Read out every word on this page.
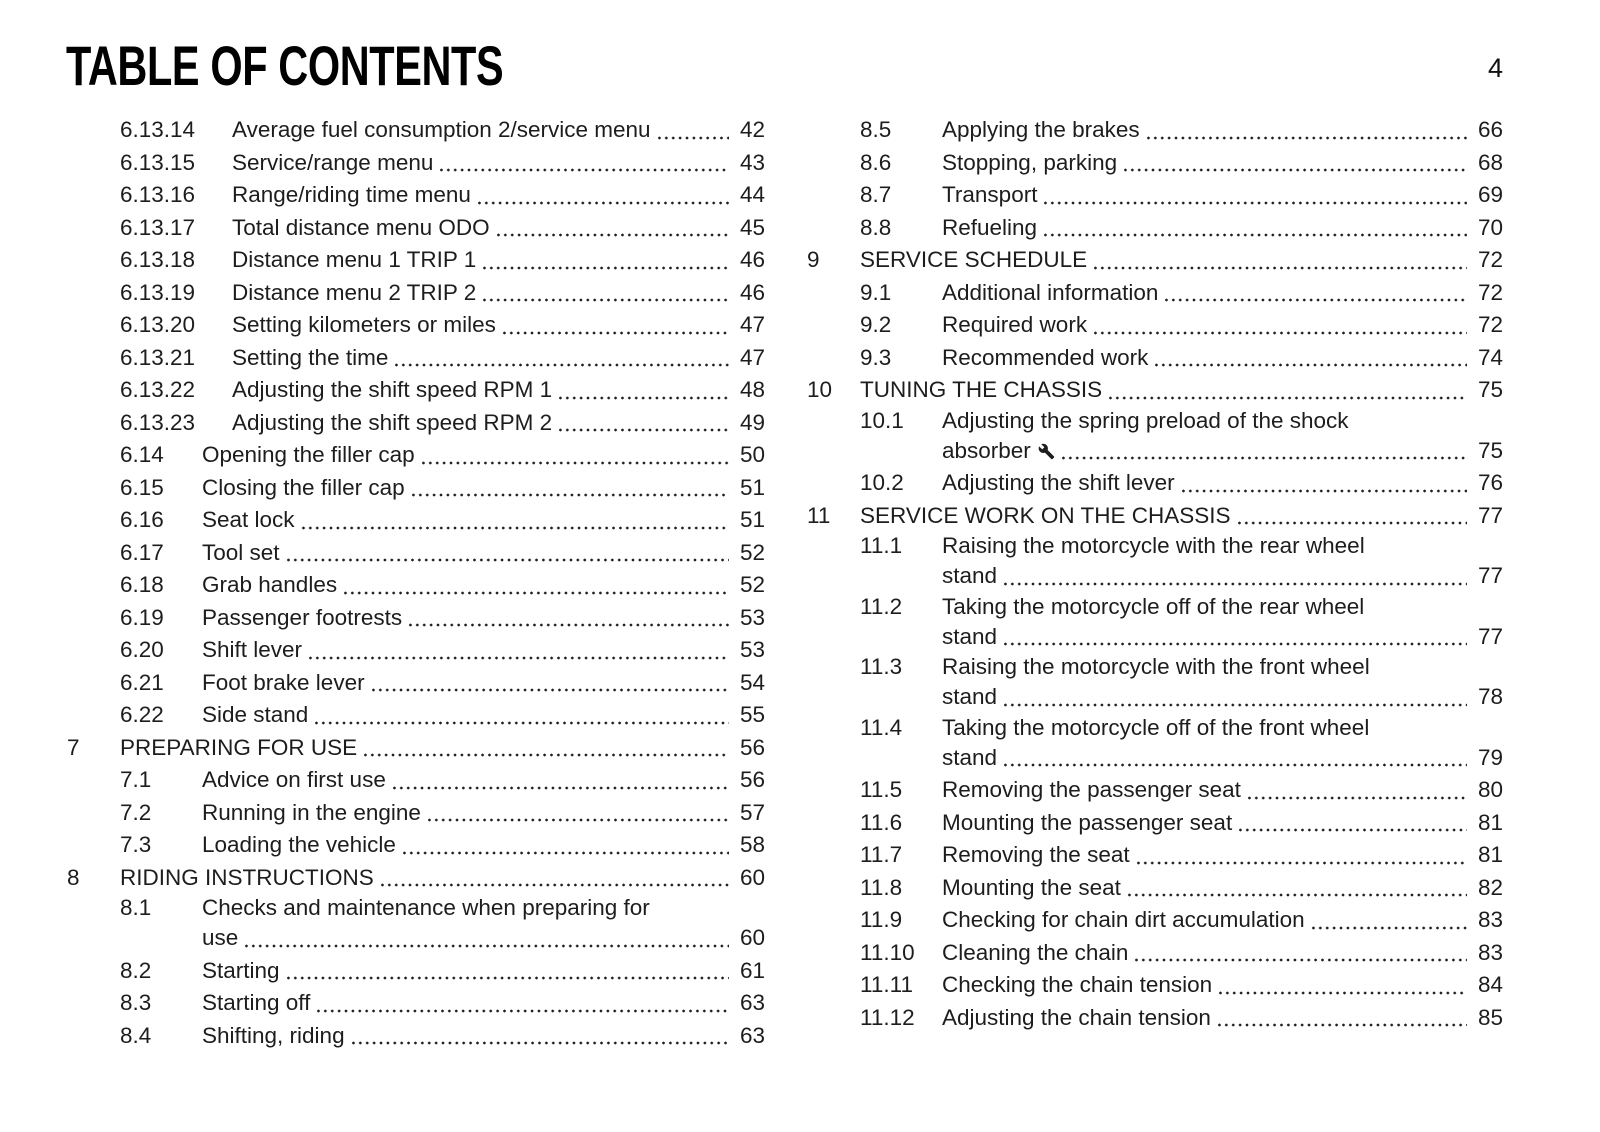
TABLE OF CONTENTS	4
6.13.14	Average fuel consumption 2/service menu	42
6.13.15	Service/range menu	43
6.13.16	Range/riding time menu	44
6.13.17	Total distance menu ODO	45
6.13.18	Distance menu 1 TRIP 1	46
6.13.19	Distance menu 2 TRIP 2	46
6.13.20	Setting kilometers or miles	47
6.13.21	Setting the time	47
6.13.22	Adjusting the shift speed RPM 1	48
6.13.23	Adjusting the shift speed RPM 2	49
6.14	Opening the filler cap	50
6.15	Closing the filler cap	51
6.16	Seat lock	51
6.17	Tool set	52
6.18	Grab handles	52
6.19	Passenger footrests	53
6.20	Shift lever	53
6.21	Foot brake lever	54
6.22	Side stand	55
7	PREPARING FOR USE	56
7.1	Advice on first use	56
7.2	Running in the engine	57
7.3	Loading the vehicle	58
8	RIDING INSTRUCTIONS	60
8.1	Checks and maintenance when preparing for
use	60
8.2	Starting	61
8.3	Starting off	63
8.4	Shifting, riding	63
8.5	Applying the brakes	66
8.6	Stopping, parking	68
8.7	Transport	69
8.8	Refueling	70
9	SERVICE SCHEDULE	72
9.1	Additional information	72
9.2	Required work	72
9.3	Recommended work	74
10	TUNING THE CHASSIS	75
10.1	Adjusting the spring preload of the shock
absorber	75
10.2	Adjusting the shift lever	76
11	SERVICE WORK ON THE CHASSIS	77
11.1	Raising the motorcycle with the rear wheel
stand	77
11.2	Taking the motorcycle off of the rear wheel
stand	77
11.3	Raising the motorcycle with the front wheel
stand	78
11.4	Taking the motorcycle off of the front wheel
stand	79
11.5	Removing the passenger seat	80
11.6	Mounting the passenger seat	81
11.7	Removing the seat	81
11.8	Mounting the seat	82
11.9	Checking for chain dirt accumulation	83
11.10	Cleaning the chain	83
11.11	Checking the chain tension	84
11.12	Adjusting the chain tension	85
